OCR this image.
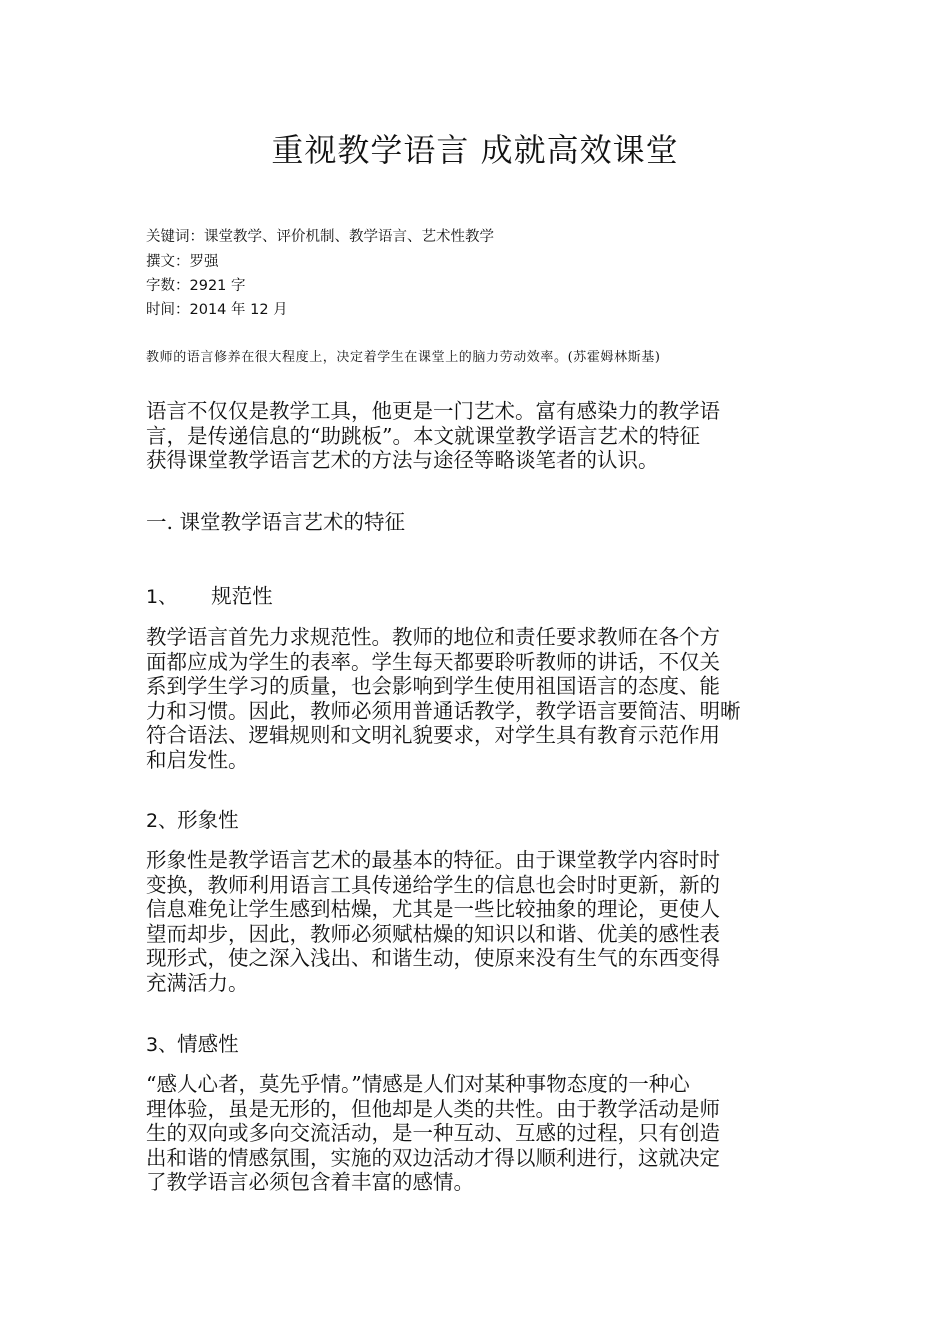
重视教学语言 成就高效课堂
关键词：课堂教学、评价机制、教学语言、艺术性教学
撰文：罗强
字数：2921 字
时间：2014 年 12 月
教师的语言修养在很大程度上，决定着学生在课堂上的脑力劳动效率。(苏霍姆林斯基)
语言不仅仅是教学工具，他更是一门艺术。富有感染力的教学语
言，是传递信息的“助跳板”。本文就课堂教学语言艺术的特征
获得课堂教学语言艺术的方法与途径等略谈笔者的认识。
一. 课堂教学语言艺术的特征
1、 规范性
教学语言首先力求规范性。教师的地位和责任要求教师在各个方
面都应成为学生的表率。学生每天都要聆听教师的讲话，不仅关
系到学生学习的质量，也会影响到学生使用祖国语言的态度、能
力和习惯。因此，教师必须用普通话教学，教学语言要简洁、明晰
符合语法、逻辑规则和文明礼貌要求，对学生具有教育示范作用
和启发性。
2、形象性
形象性是教学语言艺术的最基本的特征。由于课堂教学内容时时
变换，教师利用语言工具传递给学生的信息也会时时更新，新的
信息难免让学生感到枯燥，尤其是一些比较抽象的理论，更使人
望而却步，因此，教师必须赋枯燥的知识以和谐、优美的感性表
现形式，使之深入浅出、和谐生动，使原来没有生气的东西变得
充满活力。
3、情感性
“感人心者，莫先乎情。”情感是人们对某种事物态度的一种心
理体验，虽是无形的，但他却是人类的共性。由于教学活动是师
生的双向或多向交流活动，是一种互动、互感的过程，只有创造
出和谐的情感氛围，实施的双边活动才得以顺利进行，这就决定
了教学语言必须包含着丰富的感情。
